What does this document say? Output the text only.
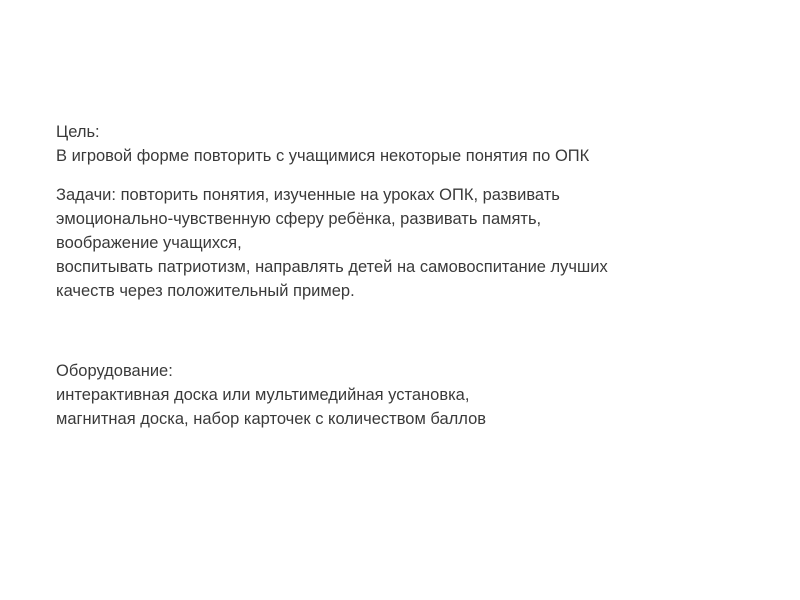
Цель:
В игровой форме повторить с учащимися некоторые понятия по ОПК
Задачи: повторить понятия, изученные на уроках ОПК, развивать
эмоционально-чувственную сферу ребёнка, развивать память,
воображение учащихся,
воспитывать патриотизм, направлять детей на самовоспитание лучших
качеств через положительный пример.
Оборудование:
интерактивная доска или мультимедийная установка,
магнитная доска, набор карточек с количеством баллов
